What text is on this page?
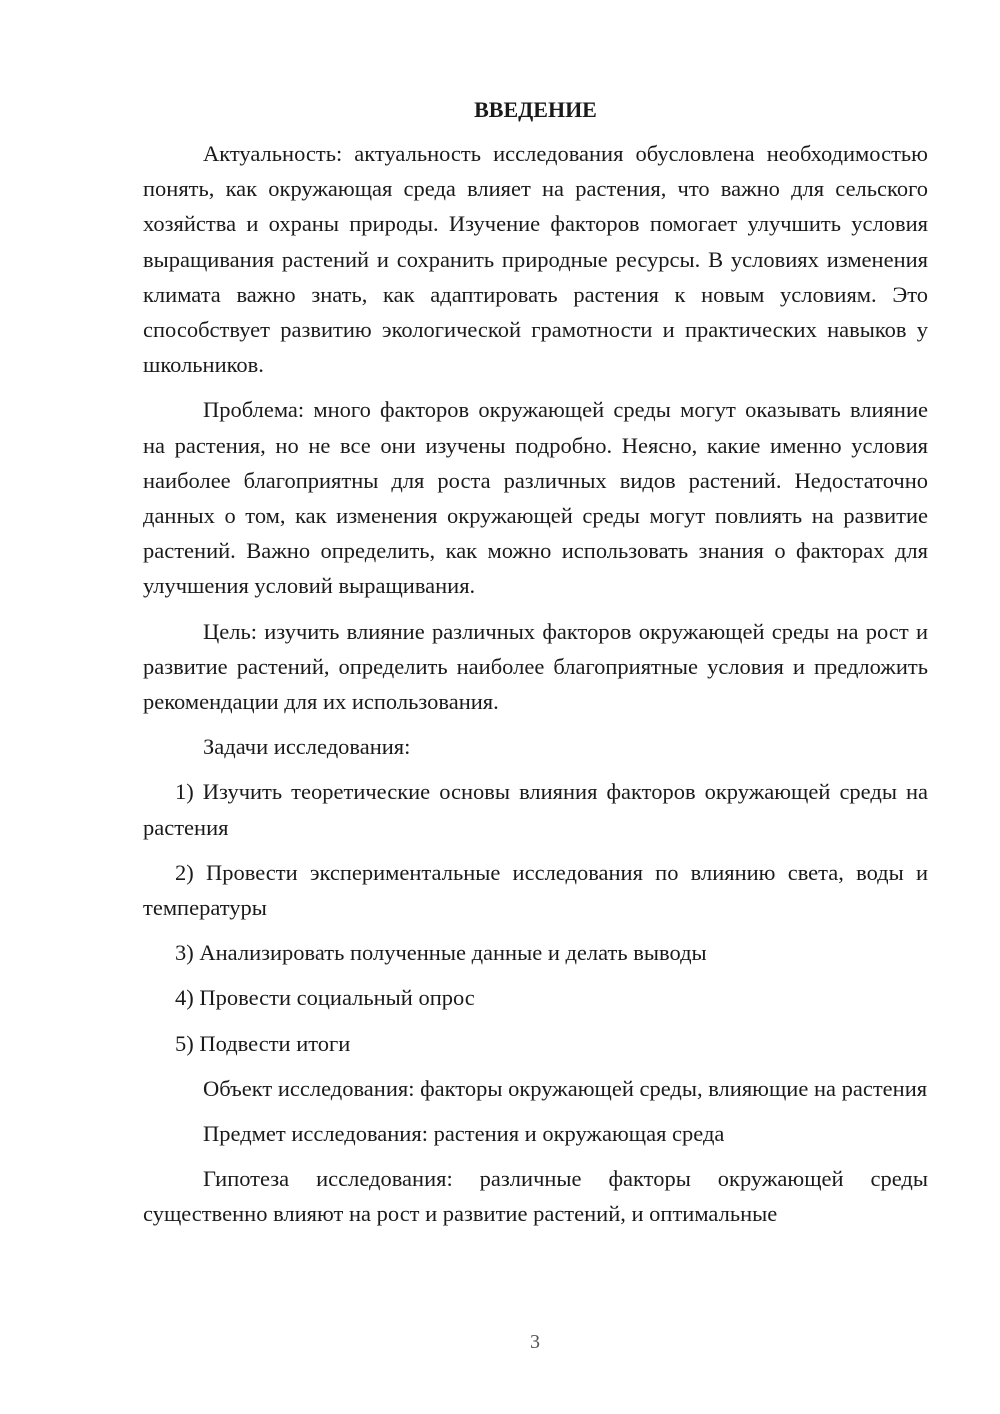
ВВЕДЕНИЕ

Актуальность: актуальность исследования обусловлена необходимостью понять, как окружающая среда влияет на растения, что важно для сельского хозяйства и охраны природы. Изучение факторов помогает улучшить условия выращивания растений и сохранить природные ресурсы. В условиях изменения климата важно знать, как адаптировать растения к новым условиям. Это способствует развитию экологической грамотности и практических навыков у школьников.

Проблема: много факторов окружающей среды могут оказывать влияние на растения, но не все они изучены подробно. Неясно, какие именно условия наиболее благоприятны для роста различных видов растений. Недостаточно данных о том, как изменения окружающей среды могут повлиять на развитие растений. Важно определить, как можно использовать знания о факторах для улучшения условий выращивания.

Цель: изучить влияние различных факторов окружающей среды на рост и развитие растений, определить наиболее благоприятные условия и предложить рекомендации для их использования.

Задачи исследования:

1) Изучить теоретические основы влияния факторов окружающей среды на растения

2) Провести экспериментальные исследования по влиянию света, воды и температуры

3) Анализировать полученные данные и делать выводы

4) Провести социальный опрос

5) Подвести итоги

Объект исследования: факторы окружающей среды, влияющие на растения

Предмет исследования: растения и окружающая среда

Гипотеза исследования: различные факторы окружающей среды существенно влияют на рост и развитие растений, и оптимальные

3
